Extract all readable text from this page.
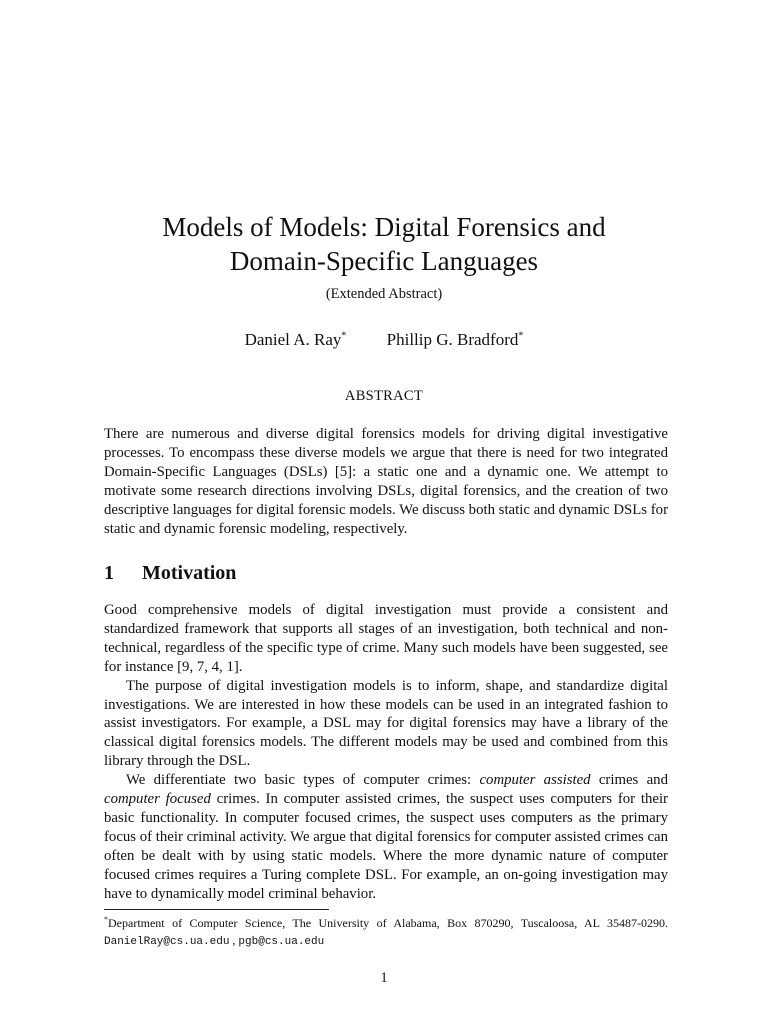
Models of Models: Digital Forensics and
Domain-Specific Languages
(Extended Abstract)
Daniel A. Ray* Phillip G. Bradford*
ABSTRACT
There are numerous and diverse digital forensics models for driving digital investigative processes. To encompass these diverse models we argue that there is need for two integrated Domain-Specific Languages (DSLs) [5]: a static one and a dynamic one. We attempt to motivate some research directions involving DSLs, digital forensics, and the creation of two descriptive languages for digital forensic models. We discuss both static and dynamic DSLs for static and dynamic forensic modeling, respectively.
1 Motivation

Good comprehensive models of digital investigation must provide a consistent and standardized framework that supports all stages of an investigation, both technical and non-technical, regardless of the specific type of crime. Many such models have been suggested, see for instance [9, 7, 4, 1].

The purpose of digital investigation models is to inform, shape, and standardize digital investigations. We are interested in how these models can be used in an integrated fashion to assist investigators. For example, a DSL may for digital forensics may have a library of the classical digital forensics models. The different models may be used and combined from this library through the DSL.

We differentiate two basic types of computer crimes: computer assisted crimes and computer focused crimes. In computer assisted crimes, the suspect uses computers for their basic functionality. In computer focused crimes, the suspect uses computers as the primary focus of their criminal activity. We argue that digital forensics for computer assisted crimes can often be dealt with by using static models. Where the more dynamic nature of computer focused crimes requires a Turing complete DSL. For example, an on-going investigation may have to dynamically model criminal behavior.

*Department of Computer Science, The University of Alabama, Box 870290, Tuscaloosa, AL 35487-0290. DanielRay@cs.ua.edu , pgb@cs.ua.edu
1
